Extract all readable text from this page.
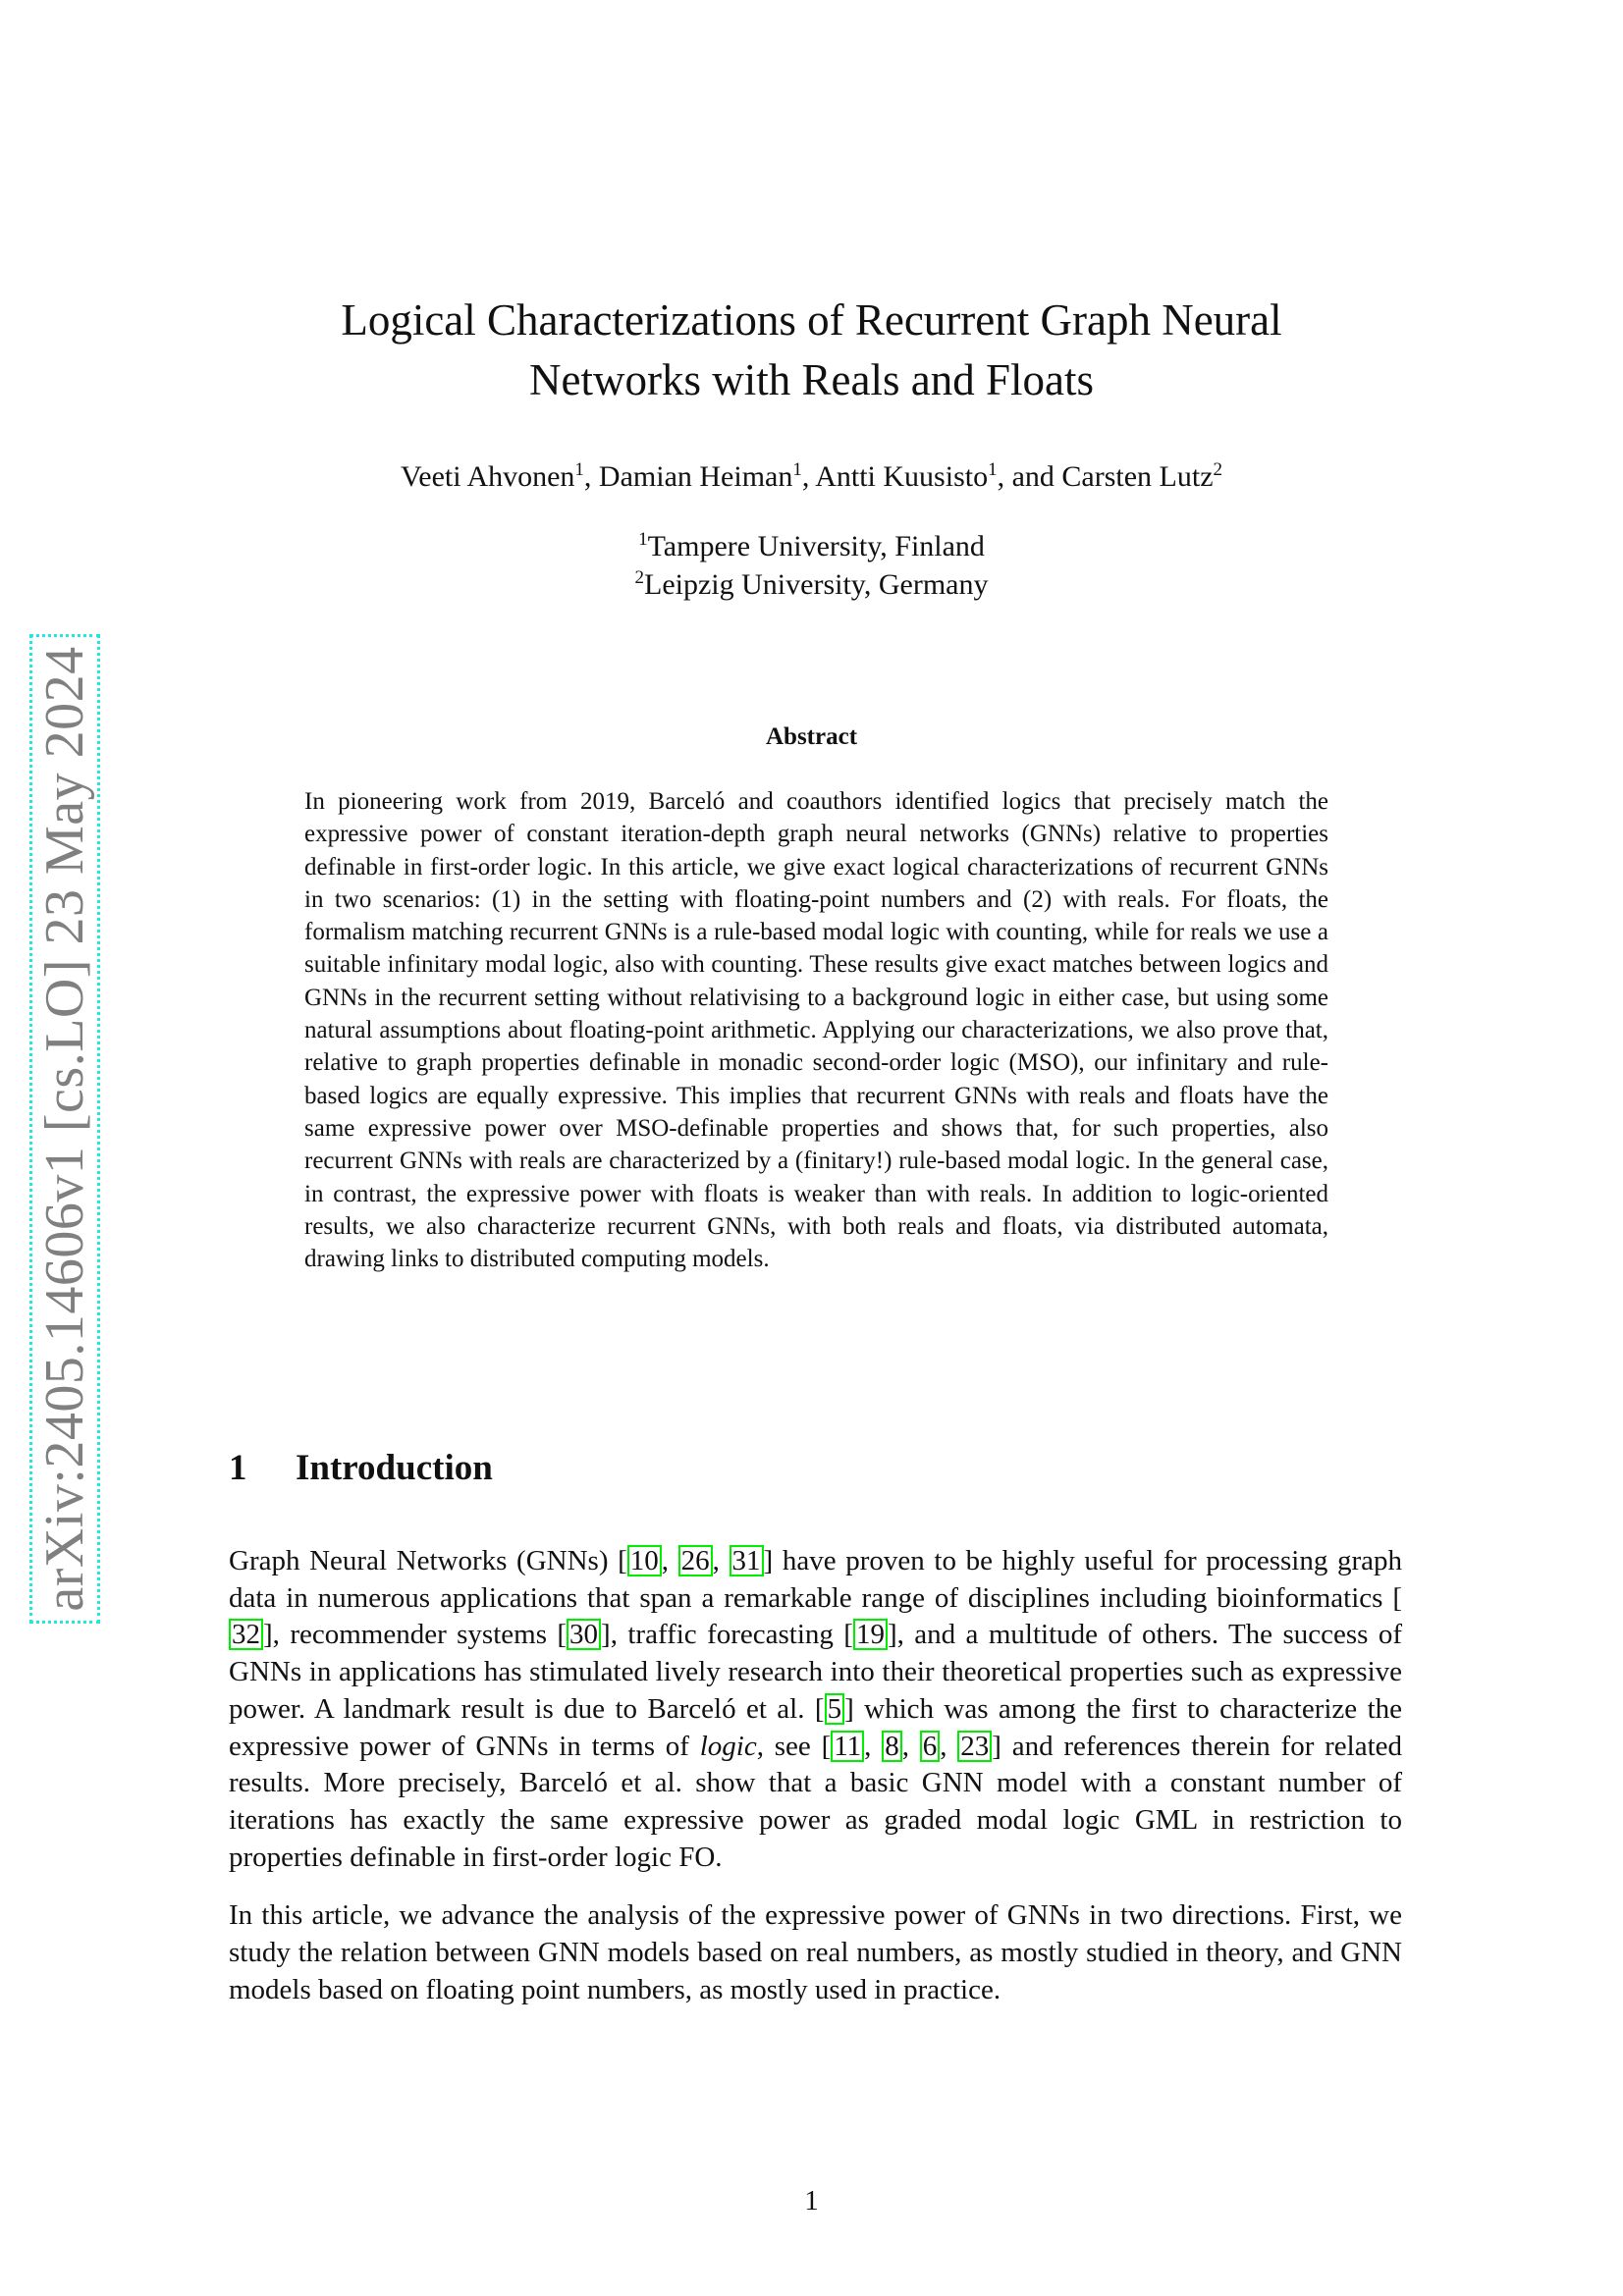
arXiv:2405.14606v1 [cs.LO] 23 May 2024
Logical Characterizations of Recurrent Graph Neural
Networks with Reals and Floats
Veeti Ahvonen$^1$, Damian Heiman$^1$, Antti Kuusisto$^1$, and Carsten Lutz$^2$
$^1$Tampere University, Finland
$^2$Leipzig University, Germany
Abstract

In pioneering work from 2019, Barceló and coauthors identified logics that precisely match the expressive power of constant iteration-depth graph neural networks (GNNs) relative to properties definable in first-order logic. In this article, we give exact logical characterizations of recurrent GNNs in two scenarios: (1) in the setting with floating-point numbers and (2) with reals. For floats, the formalism matching recurrent GNNs is a rule-based modal logic with counting, while for reals we use a suitable infinitary modal logic, also with counting. These results give exact matches between logics and GNNs in the recurrent setting without relativising to a background logic in either case, but using some natural assumptions about floating-point arithmetic. Applying our characterizations, we also prove that, relative to graph properties definable in monadic second-order logic (MSO), our infinitary and rule-based logics are equally expressive. This implies that recurrent GNNs with reals and floats have the same expressive power over MSO-definable properties and shows that, for such properties, also recurrent GNNs with reals are characterized by a (finitary!) rule-based modal logic. In the general case, in contrast, the expressive power with floats is weaker than with reals. In addition to logic-oriented results, we also characterize recurrent GNNs, with both reals and floats, via distributed automata, drawing links to distributed computing models.

1 Introduction

Graph Neural Networks (GNNs) [ 10 , 26 , 31 ] have proven to be highly useful for processing graph data in numerous applications that span a remarkable range of disciplines including bioinformatics [32 ], recommender systems [ 30 ], traffic forecasting [ 19 ], and a multitude of others. The success of GNNs in applications has stimulated lively research into their theoretical properties such as expressive power. A landmark result is due to Barceló et al. [ 5 ] which was among the first to characterize the expressive power of GNNs in terms of logic, see [ 11 , 8 , 6 , 23 ] and references therein for related results. More precisely, Barceló et al. show that a basic GNN model with a constant number of iterations has exactly the same expressive power as graded modal logic GML in restriction to properties definable in first-order logic FO.

In this article, we advance the analysis of the expressive power of GNNs in two directions. First, we study the relation between GNN models based on real numbers, as mostly studied in theory, and GNN models based on floating point numbers, as mostly used in practice.

1
